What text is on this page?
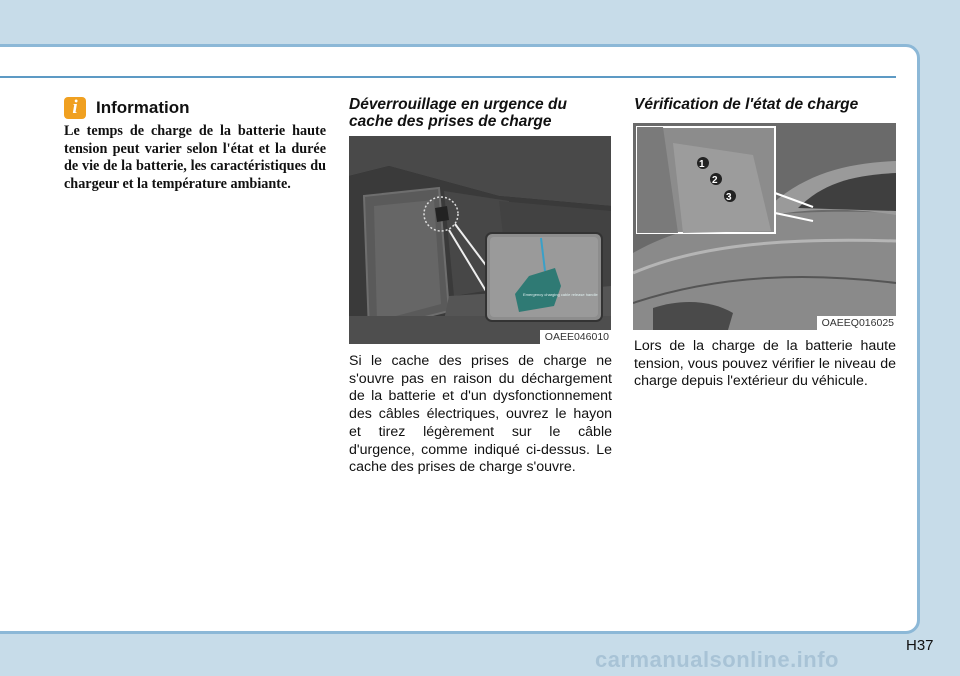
i	Information
Le temps de charge de la batterie haute tension peut varier selon l'état et la durée de vie de la batterie, les caractéristiques du chargeur et la température ambiante.
Déverrouillage en urgence du cache des prises de charge
Emergency charging cable release handle
OAEE046010
Si le cache des prises de charge ne s'ouvre pas en raison du déchargement de la batterie et d'un dysfonctionnement des câbles électriques, ouvrez le hayon et tirez légèrement sur le câble d'urgence, comme indiqué ci-dessus. Le cache des prises de charge s'ouvre.
Vérification de l'état de charge
1
2
3
OAEEQ016025
Lors de la charge de la batterie haute tension, vous pouvez vérifier le niveau de charge depuis l'extérieur du véhicule.
H37
carmanualsonline.info
